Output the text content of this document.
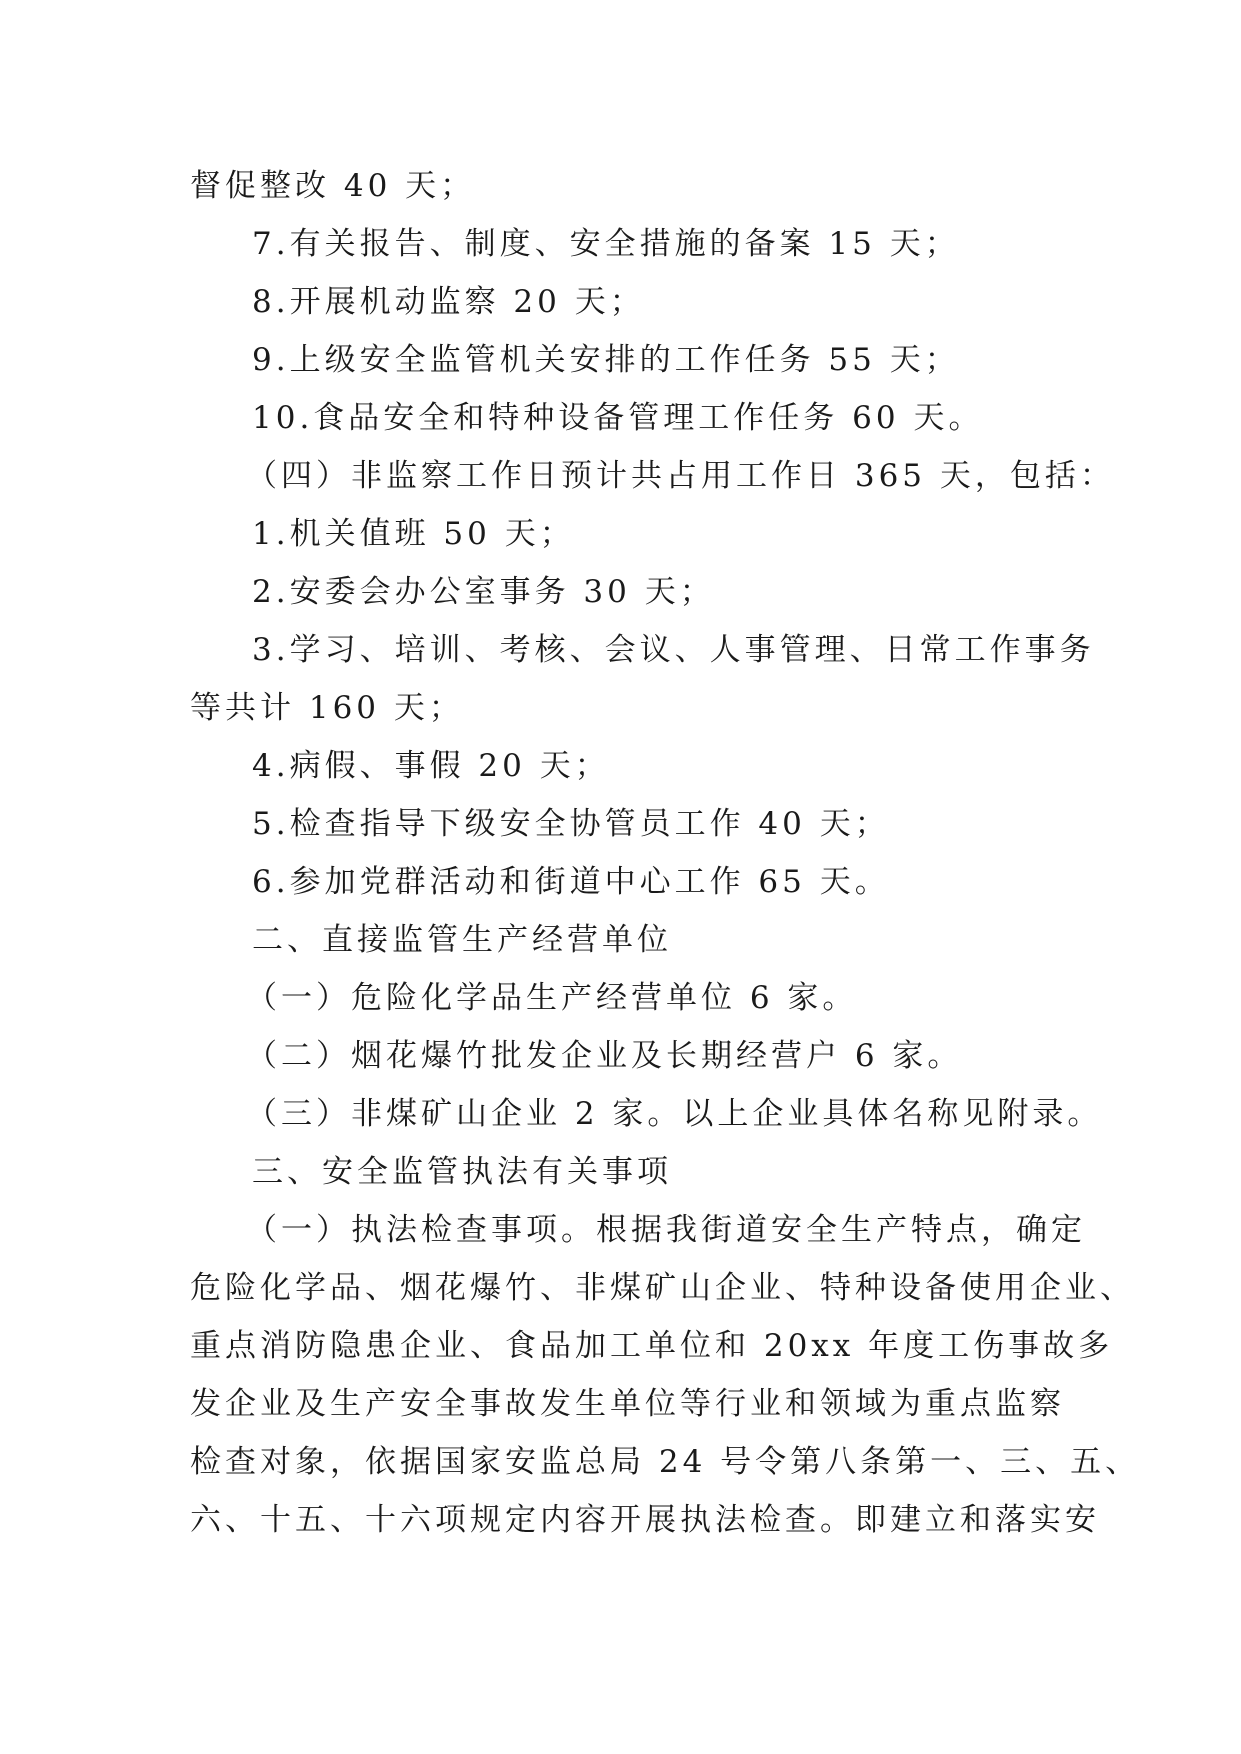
督促整改 40 天；
7.有关报告、制度、安全措施的备案 15 天；
8.开展机动监察 20 天；
9.上级安全监管机关安排的工作任务 55 天；
10.食品安全和特种设备管理工作任务 60 天。
（四）非监察工作日预计共占用工作日 365 天，包括：
1.机关值班 50 天；
2.安委会办公室事务 30 天；
3.学习、培训、考核、会议、人事管理、日常工作事务
等共计 160 天；
4.病假、事假 20 天；
5.检查指导下级安全协管员工作 40 天；
6.参加党群活动和街道中心工作 65 天。
二、直接监管生产经营单位
（一）危险化学品生产经营单位 6 家。
（二）烟花爆竹批发企业及长期经营户 6 家。
（三）非煤矿山企业 2 家。以上企业具体名称见附录。
三、安全监管执法有关事项
（一）执法检查事项。根据我街道安全生产特点，确定
危险化学品、烟花爆竹、非煤矿山企业、特种设备使用企业、
重点消防隐患企业、食品加工单位和 20xx 年度工伤事故多
发企业及生产安全事故发生单位等行业和领域为重点监察
检查对象，依据国家安监总局 24 号令第八条第一、三、五、
六、十五、十六项规定内容开展执法检查。即建立和落实安
